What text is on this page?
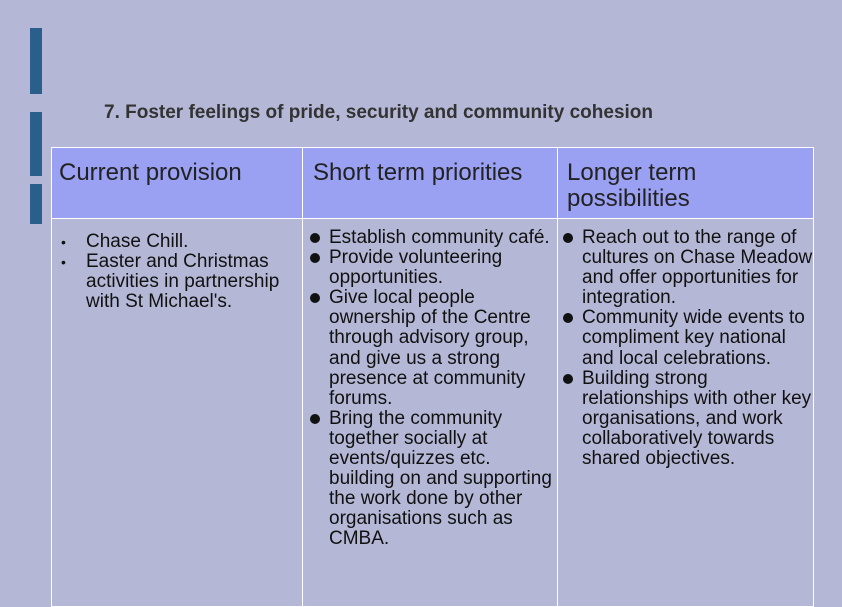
7. Foster feelings of pride, security and community cohesion
Current provision	Short term priorities	Longer term possibilities
• Chase Chill.
• Easter and Christmas activities in partnership with St Michael's.
Establish community café.
Provide volunteering opportunities.
Give local people ownership of the Centre through advisory group, and give us a strong presence at community forums.
Bring the community together socially at events/quizzes etc. building on and supporting the work done by other organisations such as CMBA.
Reach out to the range of cultures on Chase Meadow and offer opportunities for integration.
Community wide events to compliment key national and local celebrations.
Building strong relationships with other key organisations, and work collaboratively towards shared objectives.
